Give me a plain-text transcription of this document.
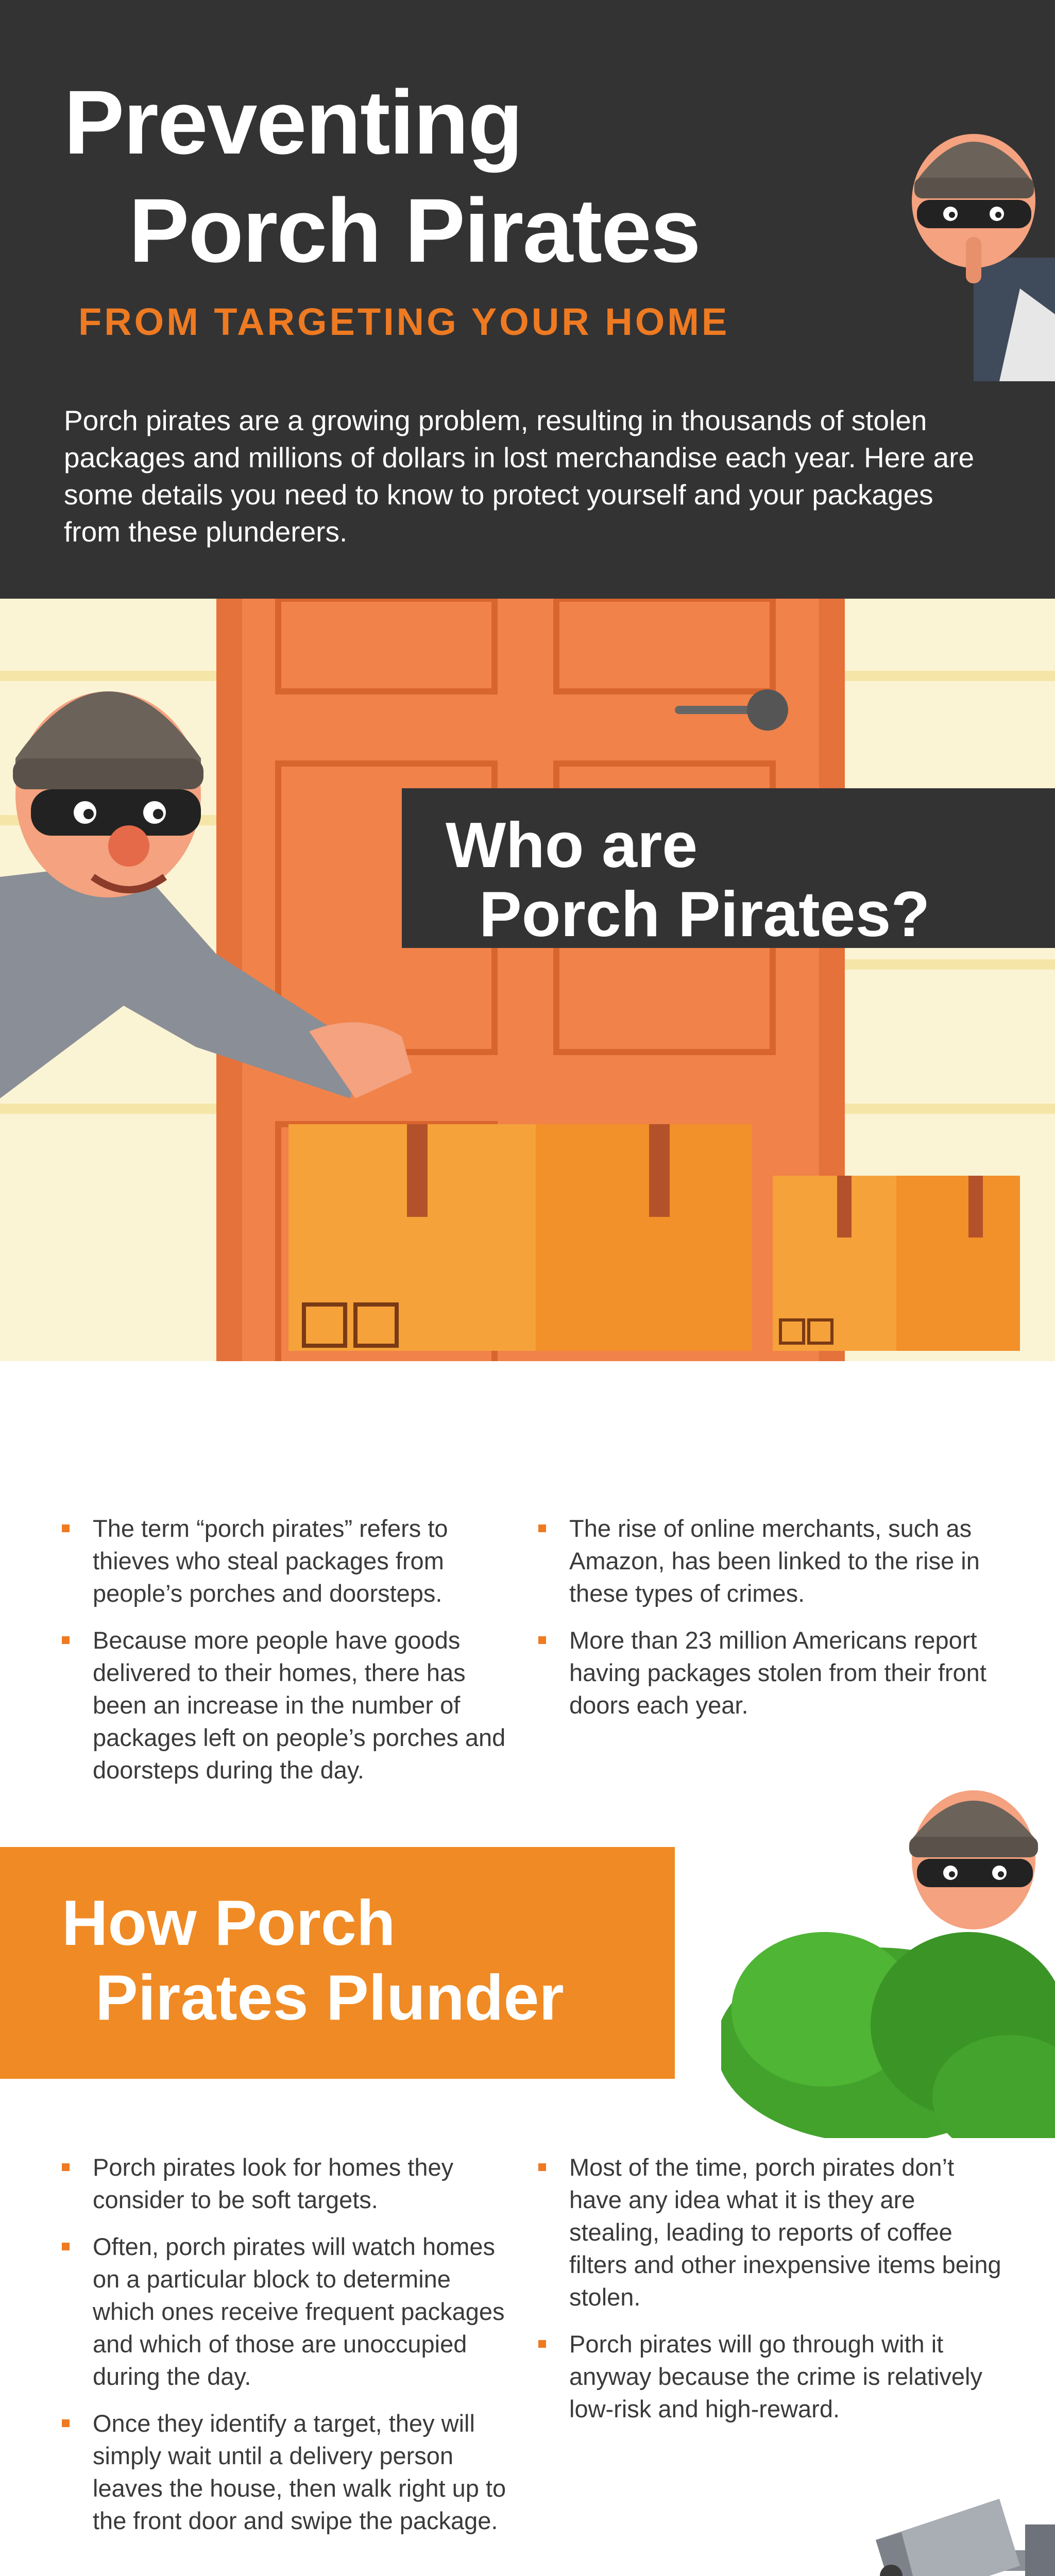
Preventing
Porch Pirates
FROM TARGETING YOUR HOME

Porch pirates are a growing problem, resulting in thousands of stolen packages and millions of dollars in lost merchandise each year. Here are some details you need to know to protect yourself and your packages from these plunderers.

Who are
Porch Pirates?
The term “porch pirates” refers to thieves who steal packages from people’s porches and doorsteps.
Because more people have goods delivered to their homes, there has been an increase in the number of packages left on people’s porches and doorsteps during the day.
The rise of online merchants, such as Amazon, has been linked to the rise in these types of crimes.
More than 23 million Americans report having packages stolen from their front doors each year.
How Porch
Pirates Plunder
Porch pirates look for homes they consider to be soft targets.
Often, porch pirates will watch homes on a particular block to determine which ones receive frequent packages and which of those are unoccupied during the day.
Once they identify a target, they will simply wait until a delivery person leaves the house, then walk right up to the front door and swipe the package.
Most of the time, porch pirates don’t have any idea what it is they are stealing, leading to reports of coffee filters and other inexpensive items being stolen.
Porch pirates will go through with it anyway because the crime is relatively low-risk and high-reward.
